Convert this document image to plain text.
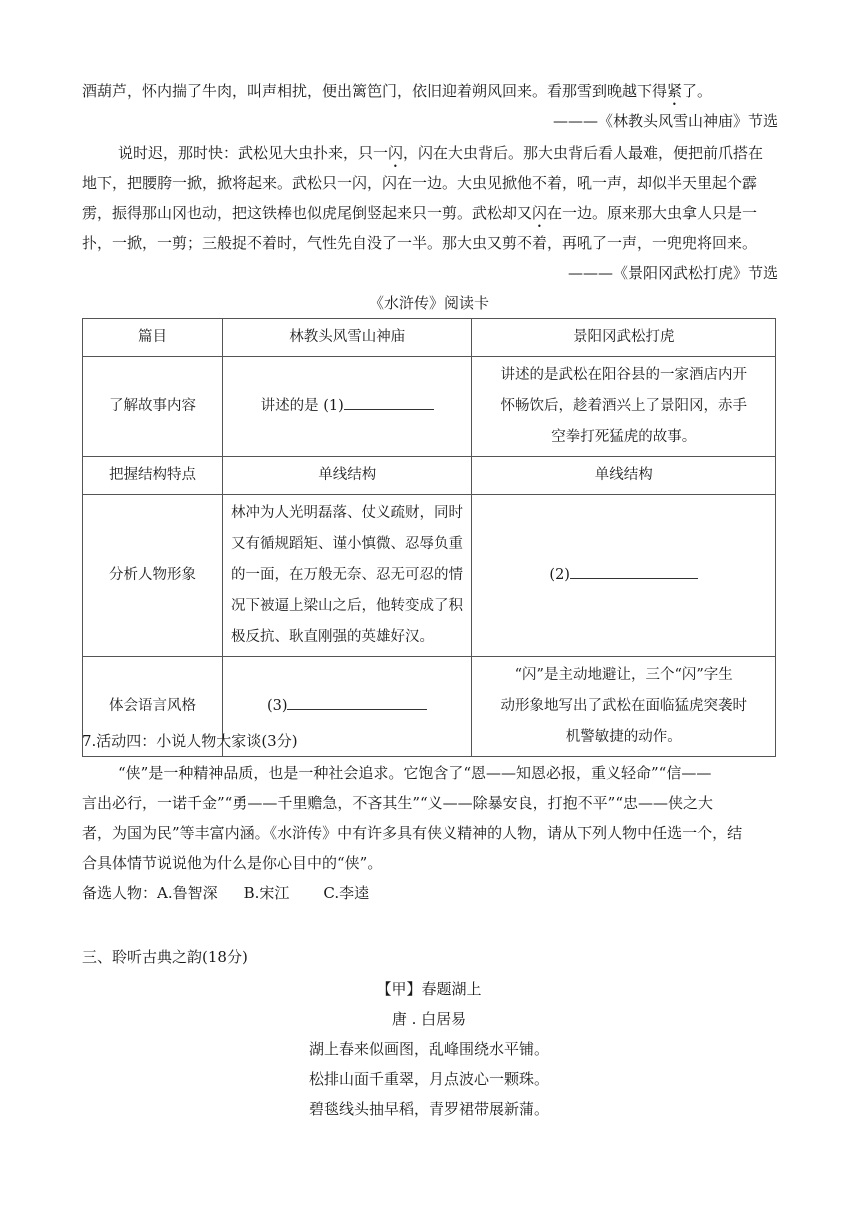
酒葫芦，怀内揣了牛肉，叫声相扰，便出篱笆门，依旧迎着朔风回来。看那雪到晚越下得紧了。
———《林教头风雪山神庙》节选
说时迟，那时快：武松见大虫扑来，只一闪，闪在大虫背后。那大虫背后看人最难，便把前爪搭在
地下，把腰胯一掀，掀将起来。武松只一闪，闪在一边。大虫见掀他不着，吼一声，却似半天里起个霹
雳，振得那山冈也动，把这铁棒也似虎尾倒竖起来只一剪。武松却又闪在一边。原来那大虫拿人只是一
扑，一掀，一剪；三般捉不着时，气性先自没了一半。那大虫又剪不着，再吼了一声，一兜兜将回来。
———《景阳冈武松打虎》节选
《水浒传》阅读卡
篇目	林教头风雪山神庙	景阳冈武松打虎
了解故事内容	讲述的是 (1)	讲述的是武松在阳谷县的一家酒店内开
怀畅饮后，趁着酒兴上了景阳冈，赤手
空拳打死猛虎的故事。

把握结构特点	单线结构	单线结构
分析人物形象	林冲为人光明磊落、仗义疏财，同时
又有循规蹈矩、谨小慎微、忍辱负重
的一面，在万般无奈、忍无可忍的情
况下被逼上梁山之后，他转变成了积
极反抗、耿直刚强的英雄好汉。	(2)
体会语言风格	(3)	“闪”是主动地避让，三个“闪”字生
动形象地写出了武松在面临猛虎突袭时
机警敏捷的动作。
7.活动四：小说人物大家谈(3分)
“侠”是一种精神品质，也是一种社会追求。它饱含了“恩——知恩必报，重义轻命”“信——
言出必行，一诺千金”“勇——千里赡急，不吝其生”“义——除暴安良，打抱不平”“忠——侠之大
者，为国为民”等丰富内涵。《水浒传》中有许多具有侠义精神的人物，请从下列人物中任选一个，结
合具体情节说说他为什么是你心目中的“侠”。
备选人物：A.鲁智深 B.宋江 C.李逵
三、聆听古典之韵(18分)
【甲】春题湖上
唐 . 白居易
湖上春来似画图，乱峰围绕水平铺。
松排山面千重翠，月点波心一颗珠。
碧毯线头抽早稻，青罗裙带展新蒲。
